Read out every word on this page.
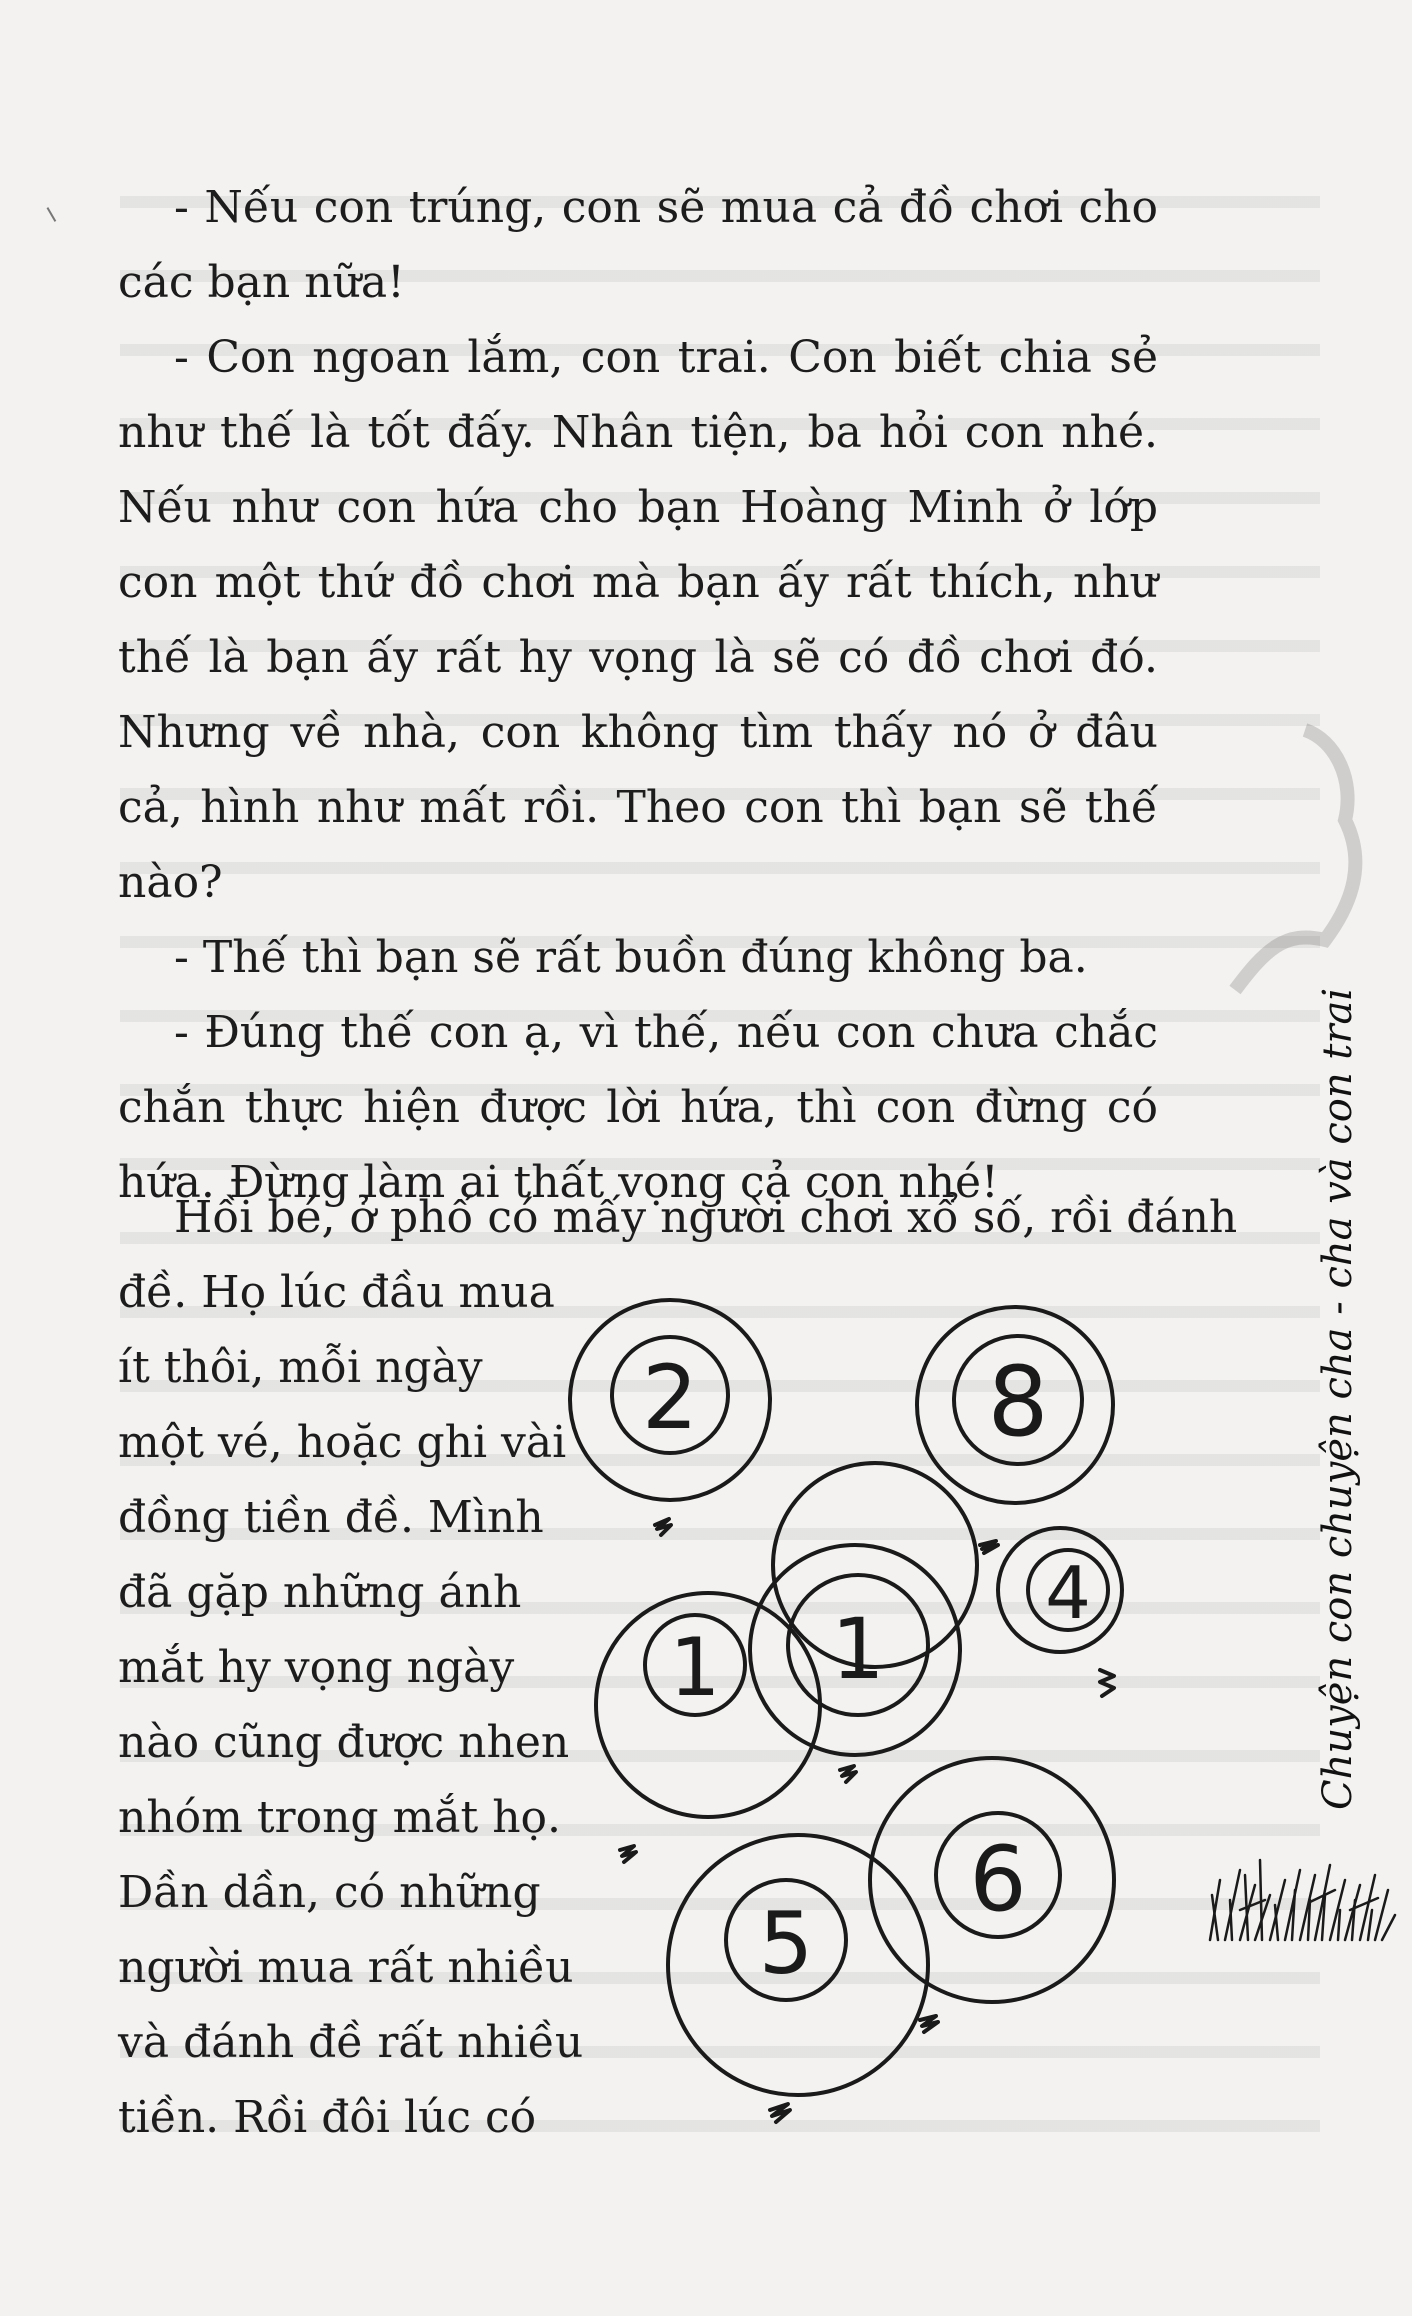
- Nếu con trúng, con sẽ mua cả đồ chơi cho các bạn nữa!

- Con ngoan lắm, con trai. Con biết chia sẻ như thế là tốt đấy. Nhân tiện, ba hỏi con nhé. Nếu như con hứa cho bạn Hoàng Minh ở lớp con một thứ đồ chơi mà bạn ấy rất thích, như thế là bạn ấy rất hy vọng là sẽ có đồ chơi đó. Nhưng về nhà, con không tìm thấy nó ở đâu cả, hình như mất rồi. Theo con thì bạn sẽ thế nào?

- Thế thì bạn sẽ rất buồn đúng không ba.

- Đúng thế con ạ, vì thế, nếu con chưa chắc chắn thực hiện được lời hứa, thì con đừng có hứa. Đừng làm ai thất vọng cả con nhé!

Hồi bé, ở phố có mấy người chơi xổ số, rồi đánh
đề. Họ lúc đầu mua
ít thôi, mỗi ngày
một vé, hoặc ghi vài
đồng tiền đề. Mình
đã gặp những ánh
mắt hy vọng ngày
nào cũng được nhen
nhóm trong mắt họ.
Dần dần, có những
người mua rất nhiều
và đánh đề rất nhiều
tiền. Rồi đôi lúc có
2	8
4
1 1
6
5
Chuyện con chuyện cha - cha và con trai
